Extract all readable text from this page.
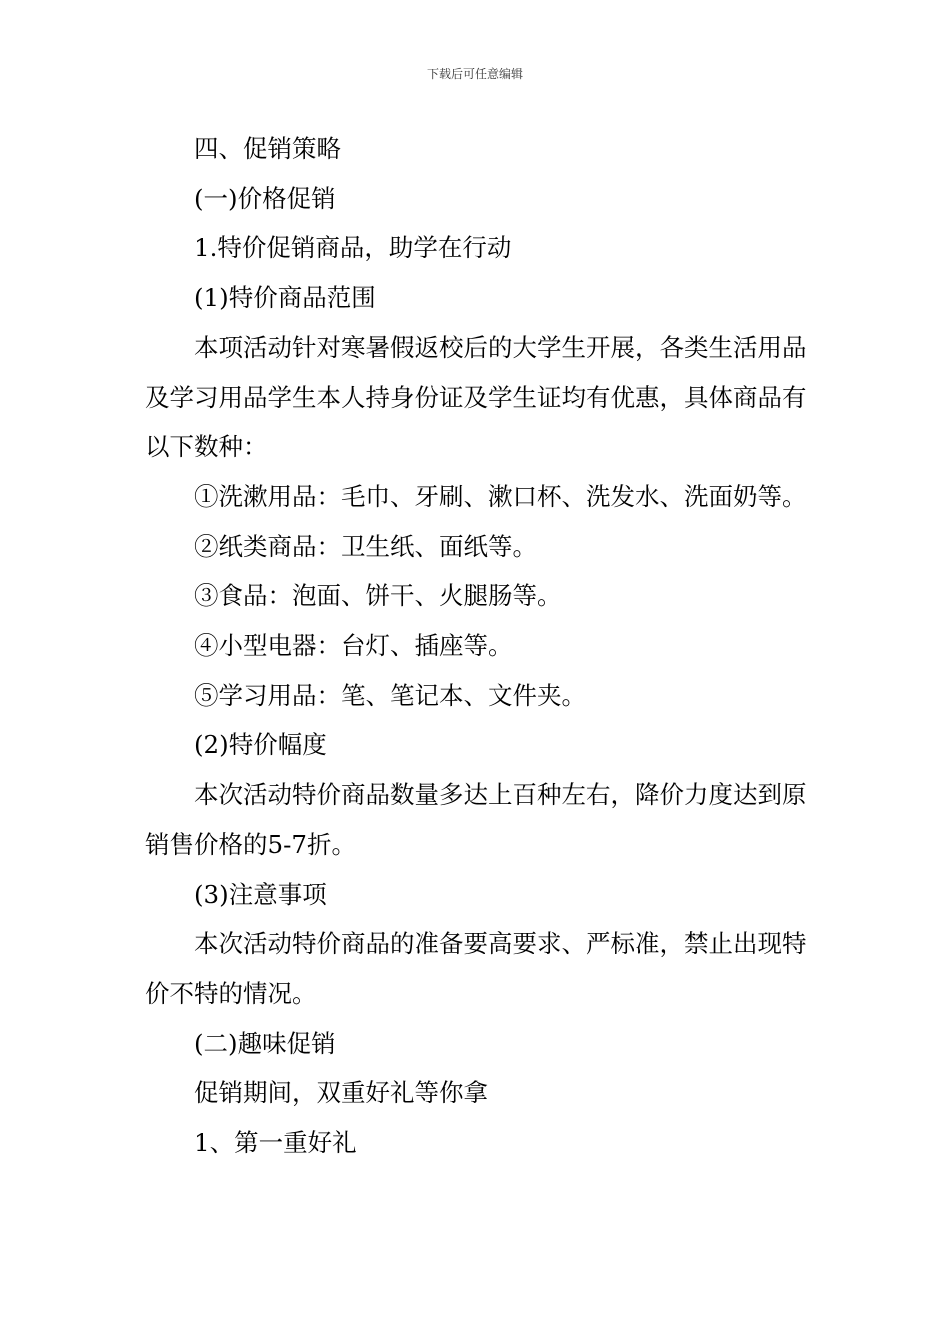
下载后可任意编辑

四、促销策略

(一)价格促销

1.特价促销商品，助学在行动

(1)特价商品范围

本项活动针对寒暑假返校后的大学生开展，各类生活用品及学习用品学生本人持身份证及学生证均有优惠，具体商品有以下数种：

①洗漱用品：毛巾、牙刷、漱口杯、洗发水、洗面奶等。

②纸类商品：卫生纸、面纸等。

③食品：泡面、饼干、火腿肠等。

④小型电器：台灯、插座等。

⑤学习用品：笔、笔记本、文件夹。

(2)特价幅度

本次活动特价商品数量多达上百种左右，降价力度达到原销售价格的5-7折。

(3)注意事项

本次活动特价商品的准备要高要求、严标准，禁止出现特价不特的情况。

(二)趣味促销

促销期间，双重好礼等你拿

1、第一重好礼
